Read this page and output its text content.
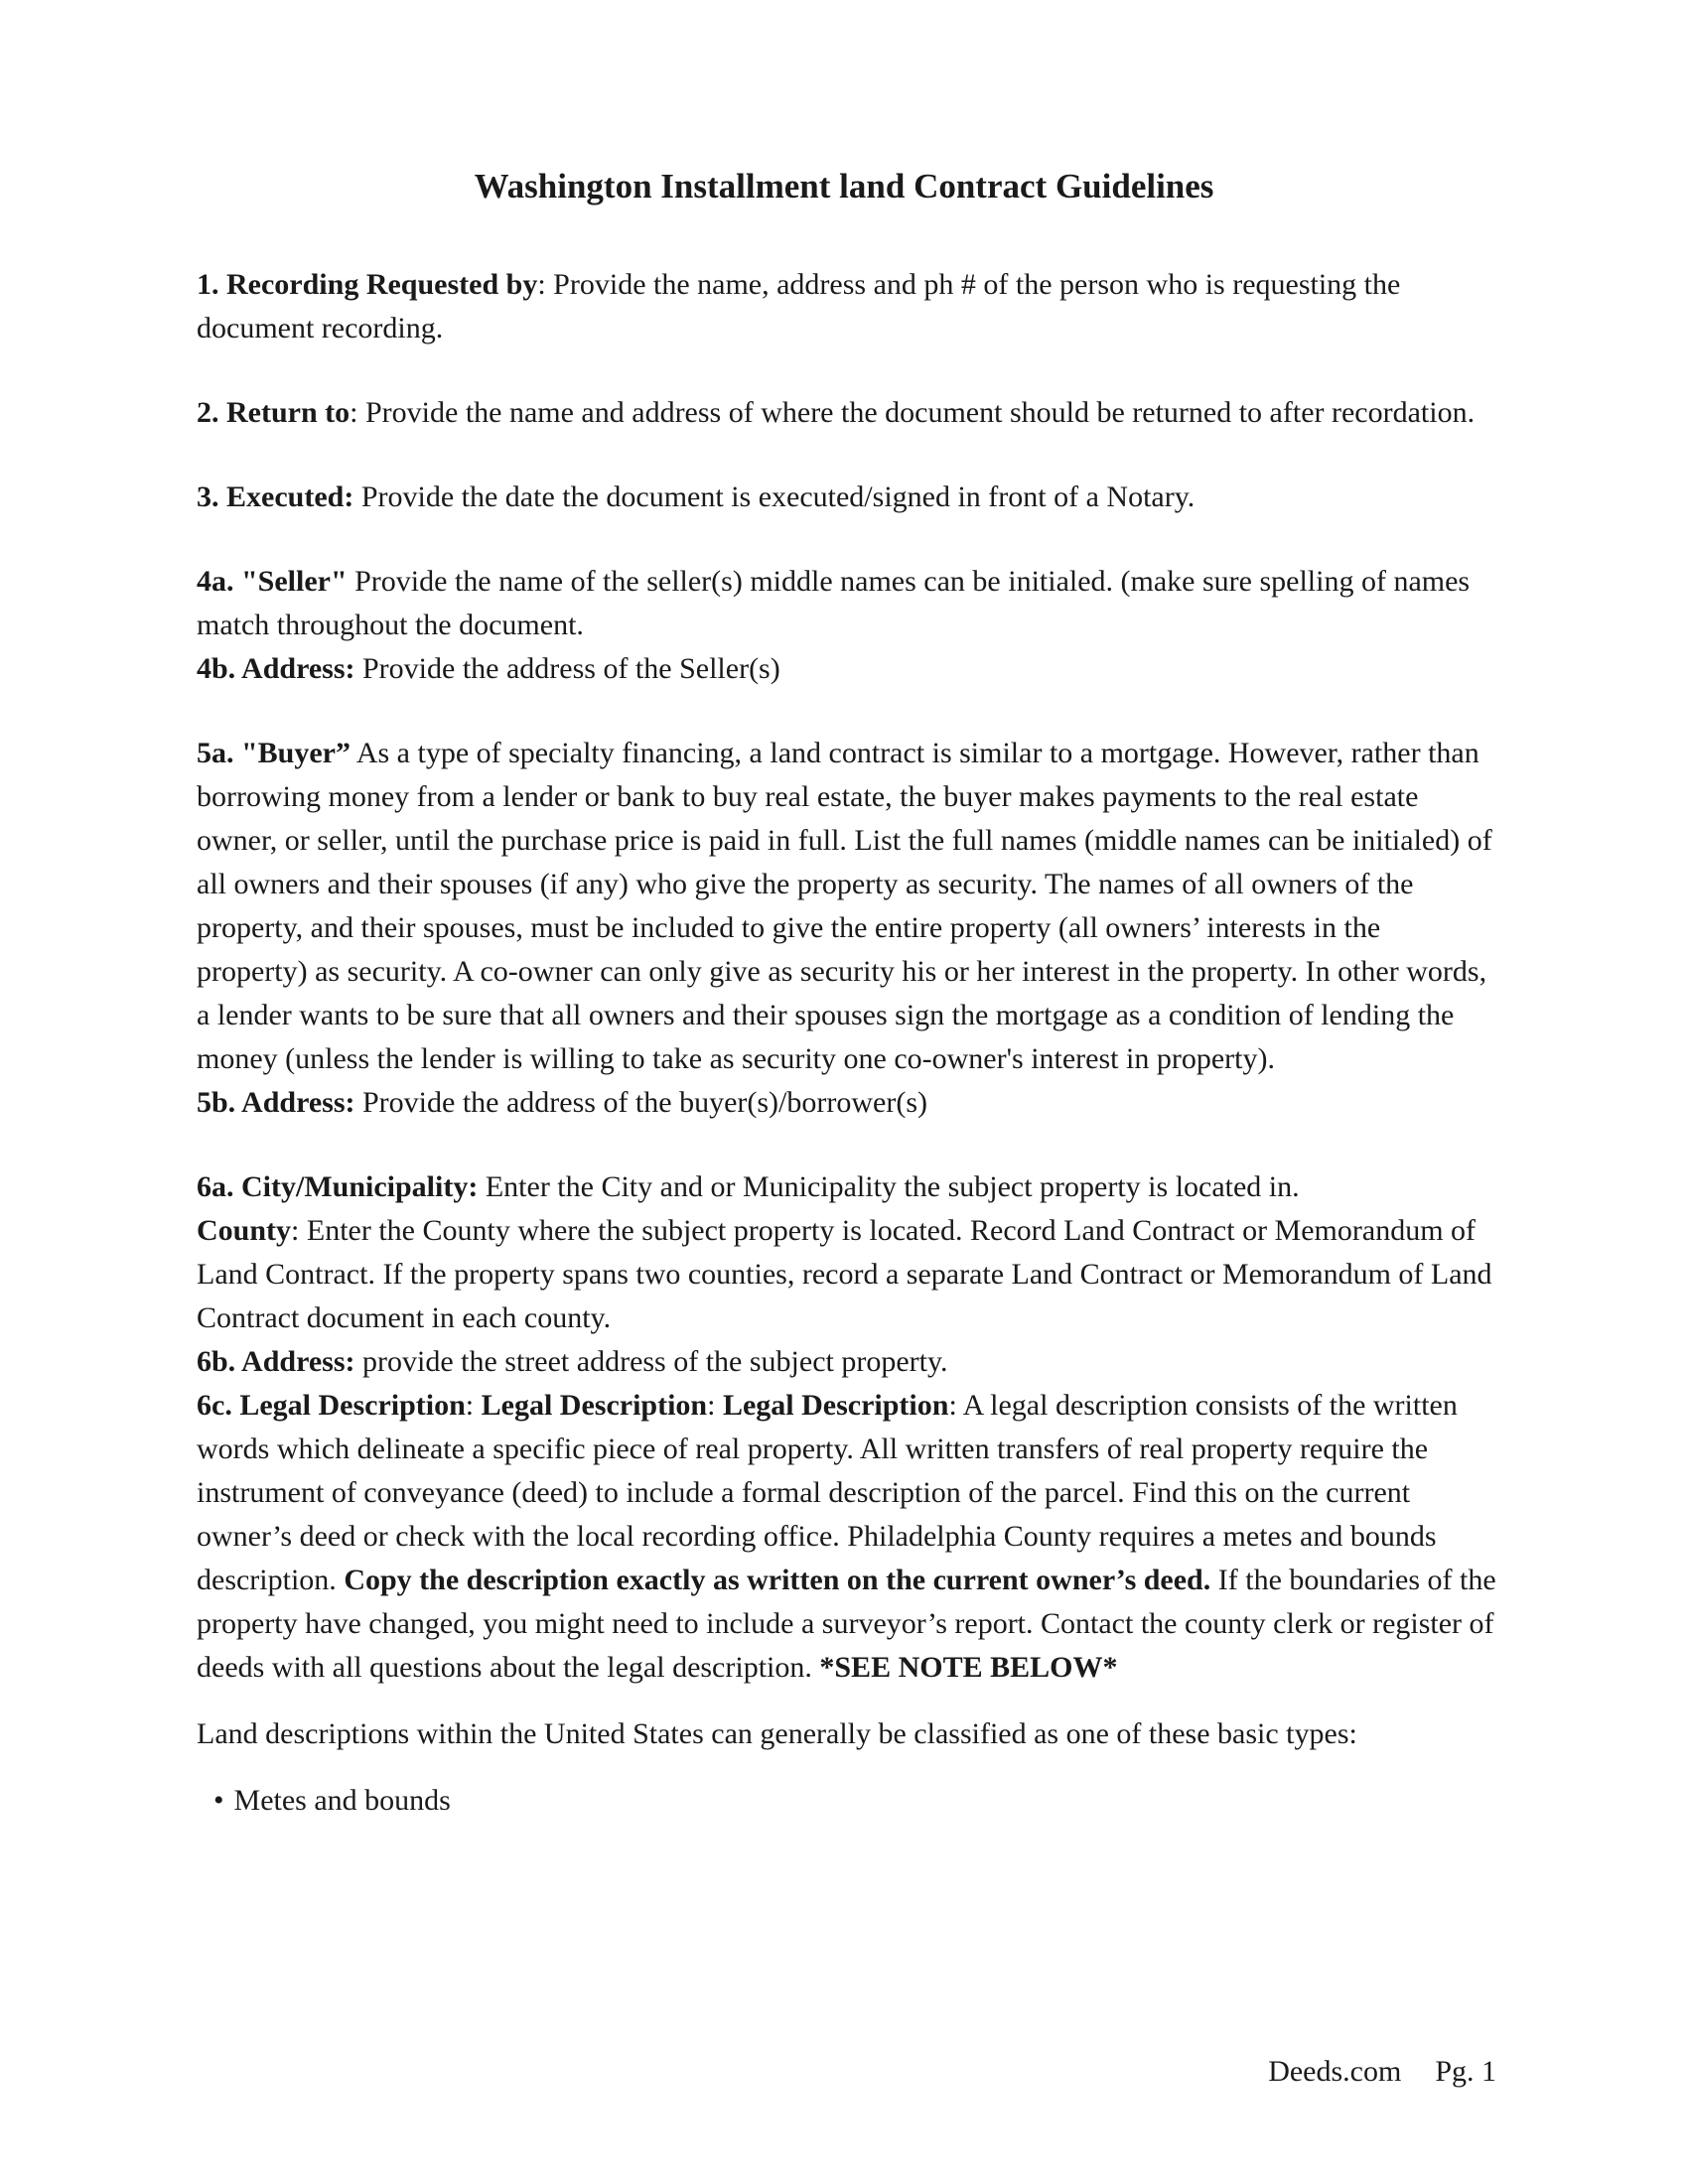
Washington Installment land Contract Guidelines

1. Recording Requested by: Provide the name, address and ph # of the person who is requesting the document recording.

2. Return to: Provide the name and address of where the document should be returned to after recordation.

3. Executed: Provide the date the document is executed/signed in front of a Notary.

4a. "Seller" Provide the name of the seller(s) middle names can be initialed. (make sure spelling of names match throughout the document.

4b. Address: Provide the address of the Seller(s)

5a. "Buyer” As a type of specialty financing, a land contract is similar to a mortgage. However, rather than borrowing money from a lender or bank to buy real estate, the buyer makes payments to the real estate owner, or seller, until the purchase price is paid in full. List the full names (middle names can be initialed) of all owners and their spouses (if any) who give the property as security. The names of all owners of the property, and their spouses, must be included to give the entire property (all owners’ interests in the property) as security. A co-owner can only give as security his or her interest in the property. In other words, a lender wants to be sure that all owners and their spouses sign the mortgage as a condition of lending the money (unless the lender is willing to take as security one co-owner's interest in property).

5b. Address: Provide the address of the buyer(s)/borrower(s)

6a. City/Municipality: Enter the City and or Municipality the subject property is located in.

County: Enter the County where the subject property is located. Record Land Contract or Memorandum of Land Contract. If the property spans two counties, record a separate Land Contract or Memorandum of Land Contract document in each county.

6b. Address: provide the street address of the subject property.

6c. Legal Description: Legal Description: Legal Description: A legal description consists of the written words which delineate a specific piece of real property. All written transfers of real property require the instrument of conveyance (deed) to include a formal description of the parcel. Find this on the current owner’s deed or check with the local recording office. Philadelphia County requires a metes and bounds description. Copy the description exactly as written on the current owner’s deed. If the boundaries of the property have changed, you might need to include a surveyor’s report. Contact the county clerk or register of deeds with all questions about the legal description. *SEE NOTE BELOW*

Land descriptions within the United States can generally be classified as one of these basic types:

• Metes and bounds
Deeds.com Pg. 1
